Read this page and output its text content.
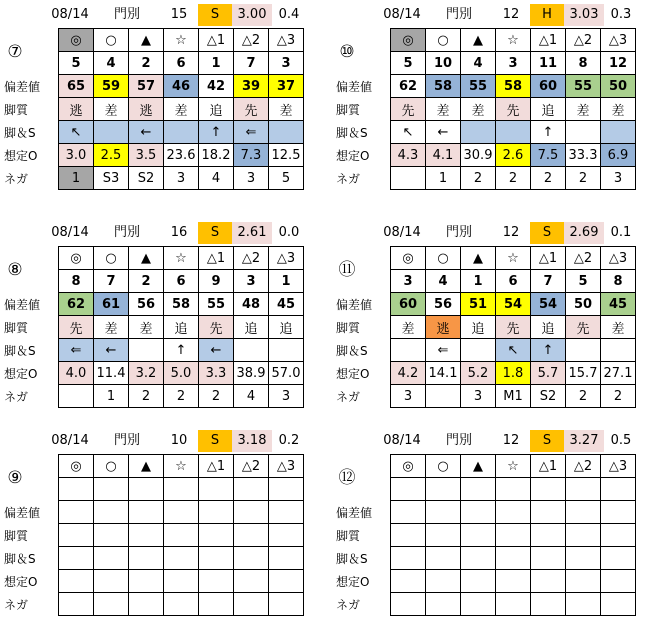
08/14	門別	15	S	3.00 0.4
⑦	◎	○	▲	☆	△1	△2	△3
	5	4	2	6	1	7	3
偏差値	65	59	57	46	42	39	37
脚質	逃	差	逃	差	追	先	差
脚＆S	↖		←		↑	⇐	
想定O	3.0	2.5	3.5	23.6	18.2	7.3	12.5
ネガ	1	S3	S2	3	4	3	5
08/14	門別	12	H	3.03 0.3
⑩	◎	○	▲	☆	△1	△2	△3
	5	10	4	3	11	8	12
偏差値	62	58	55	58	60	55	50
脚質	先	差	差	先	追	差	差
脚＆S	↖	←			↑		
想定O	4.3	4.1	30.9	2.6	7.5	33.3	6.9
ネガ		1	2	2	2	2	3
08/14	門別	16	S	2.61 0.0
⑧	◎	○	▲	☆	△1	△2	△3
	8	7	2	6	9	3	1
偏差値	62	61	56	58	55	48	45
脚質	先	差	差	追	先	追	追
脚＆S	⇐	←		↑	←		
想定O	4.0	11.4	3.2	5.0	3.3	38.9	57.0
ネガ		1	2	2	2	4	3
08/14	門別	12	S	2.69 0.1
⑪	◎	○	▲	☆	△1	△2	△3
	3	4	1	6	7	5	8
偏差値	60	56	51	54	54	50	45
脚質	差	逃	追	先	追	先	差
脚＆S		⇐		↖	↑		
想定O	4.2	14.1	5.2	1.8	5.7	15.7	27.1
ネガ	3		3	M1	S2	2	2
08/14	門別	10	S	3.18 0.2
⑨	◎	○	▲	☆	△1	△2	△3

偏差値							
脚質							
脚＆S							
想定O							
ネガ							
08/14	門別	12	S	3.27 0.5
⑫	◎	○	▲	☆	△1	△2	△3

偏差値							
脚質							
脚＆S							
想定O							
ネガ							
